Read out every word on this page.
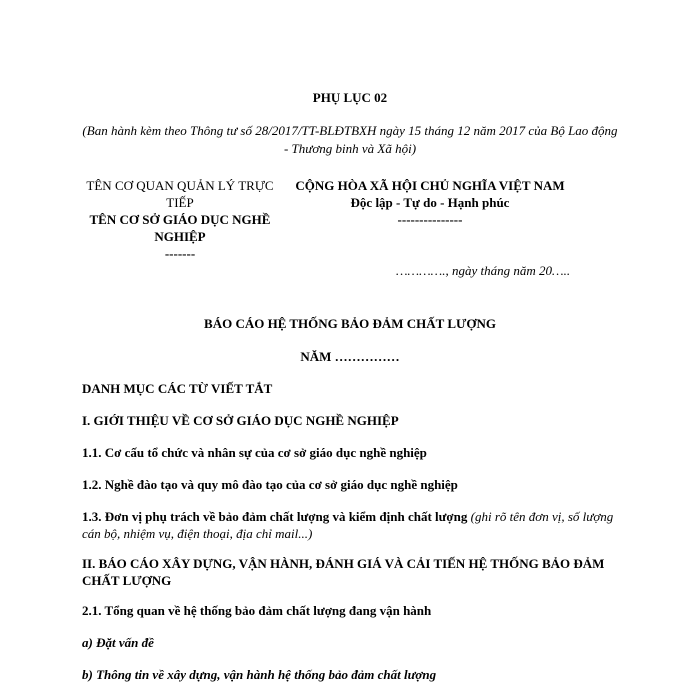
PHỤ LỤC 02
(Ban hành kèm theo Thông tư số 28/2017/TT-BLĐTBXH ngày 15 tháng 12 năm 2017 của Bộ Lao động - Thương binh và Xã hội)
TÊN CƠ QUAN QUẢN LÝ TRỰC TIẾP
TÊN CƠ SỞ GIÁO DỤC NGHỀ NGHIỆP
-------
CỘNG HÒA XÃ HỘI CHỦ NGHĨA VIỆT NAM
Độc lập - Tự do - Hạnh phúc
---------------
…………., ngày tháng năm 20…..
BÁO CÁO HỆ THỐNG BẢO ĐẢM CHẤT LƯỢNG
NĂM ……………
DANH MỤC CÁC TỪ VIẾT TẮT
I. GIỚI THIỆU VỀ CƠ SỞ GIÁO DỤC NGHỀ NGHIỆP
1.1. Cơ cấu tổ chức và nhân sự của cơ sở giáo dục nghề nghiệp
1.2. Nghề đào tạo và quy mô đào tạo của cơ sở giáo dục nghề nghiệp
1.3. Đơn vị phụ trách về bảo đảm chất lượng và kiểm định chất lượng (ghi rõ tên đơn vị, số lượng cán bộ, nhiệm vụ, điện thoại, địa chỉ mail...)
II. BÁO CÁO XÂY DỰNG, VẬN HÀNH, ĐÁNH GIÁ VÀ CẢI TIẾN HỆ THỐNG BẢO ĐẢM CHẤT LƯỢNG
2.1. Tổng quan về hệ thống bảo đảm chất lượng đang vận hành
a) Đặt vấn đề
b) Thông tin về xây dựng, vận hành hệ thống bảo đảm chất lượng
